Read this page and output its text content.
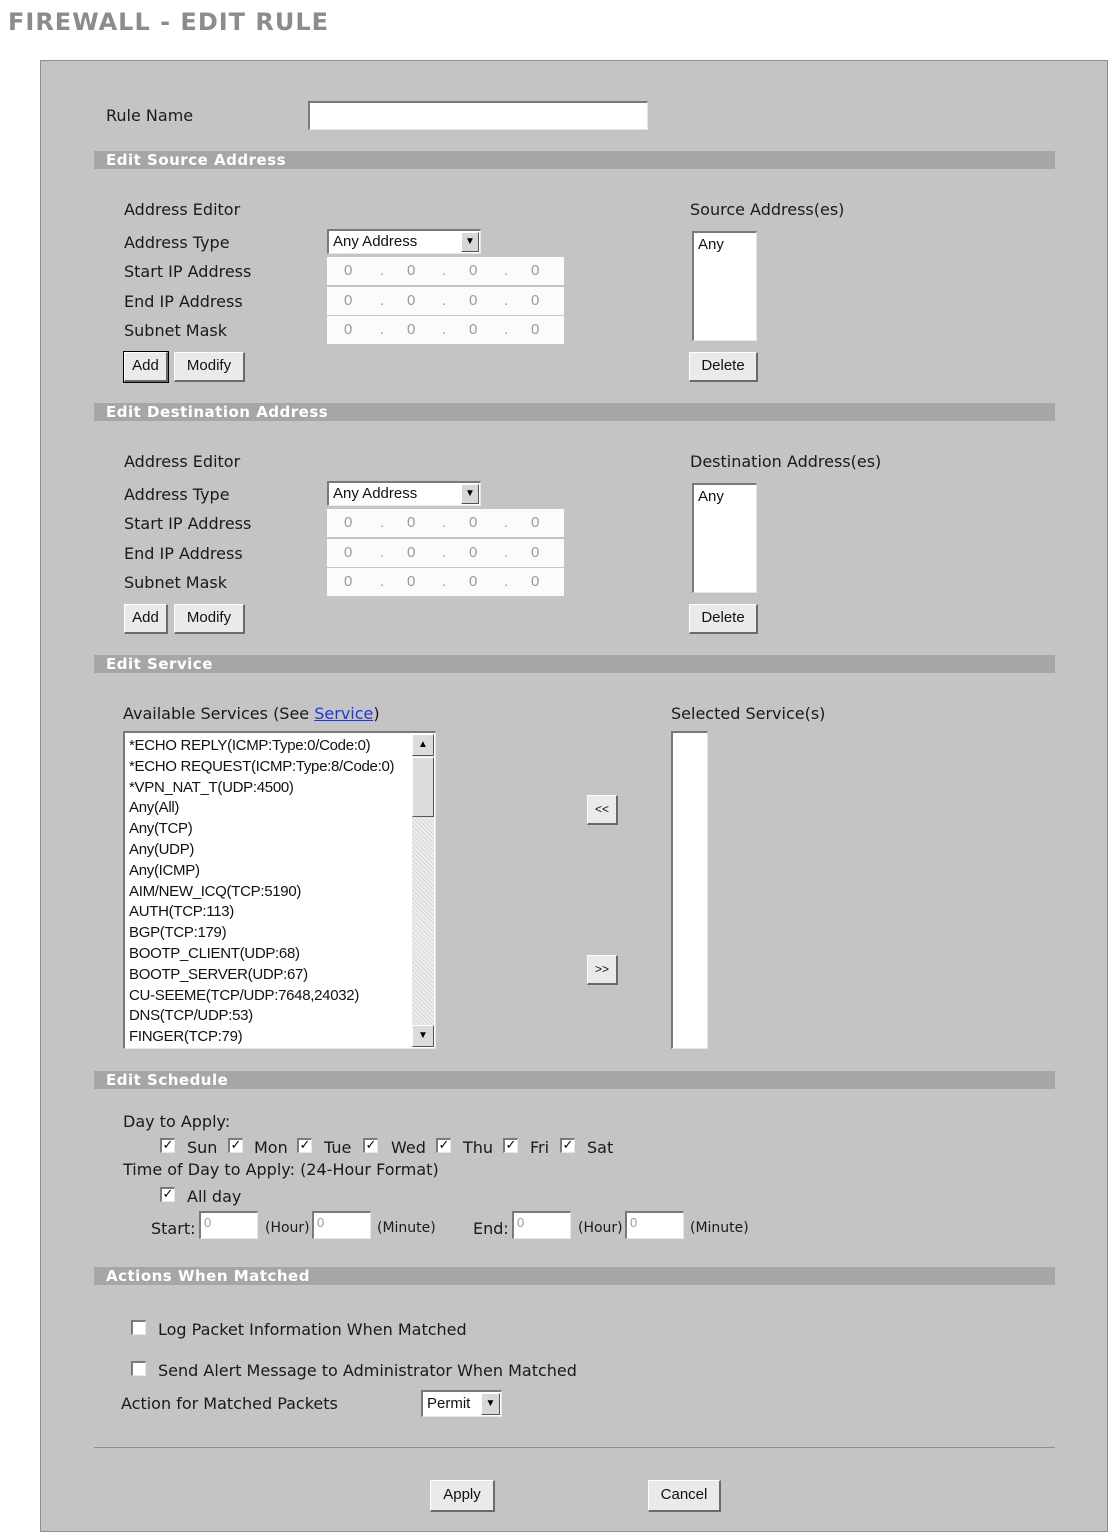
FIREWALL - EDIT RULE
Rule Name
Edit Source Address
Address Editor	Source Address(es)
Address Type	Any Address	▼
Start IP Address	0 . 0 . 0 . 0
End IP Address	0 . 0 . 0 . 0
Subnet Mask	0 . 0 . 0 . 0
Any
Add	Modify	Delete
Edit Destination Address
Address Editor	Destination Address(es)
Address Type	Any Address	▼
Start IP Address	0 . 0 . 0 . 0
End IP Address	0 . 0 . 0 . 0
Subnet Mask	0 . 0 . 0 . 0
Any
Add	Modify	Delete
Edit Service
Available Services (See Service)	Selected Service(s)
*ECHO REPLY(ICMP:Type:0/Code:0)
*ECHO REQUEST(ICMP:Type:8/Code:0)
*VPN_NAT_T(UDP:4500)
Any(All)
Any(TCP)
Any(UDP)
Any(ICMP)
AIM/NEW_ICQ(TCP:5190)
AUTH(TCP:113)
BGP(TCP:179)
BOOTP_CLIENT(UDP:68)
BOOTP_SERVER(UDP:67)
CU-SEEME(TCP/UDP:7648,24032)
DNS(TCP/UDP:53)
FINGER(TCP:79)
▲
▼
<<
>>
Edit Schedule
Day to Apply:
✓ Sun ✓ Mon ✓ Tue ✓ Wed ✓ Thu ✓ Fri ✓ Sat
Time of Day to Apply: (24-Hour Format)
✓ All day
Start: 0	(Hour) 0	(Minute) End: 0	(Hour) 0	(Minute)
Actions When Matched
Log Packet Information When Matched
Send Alert Message to Administrator When Matched
Action for Matched Packets	Permit	▼
Apply	Cancel
